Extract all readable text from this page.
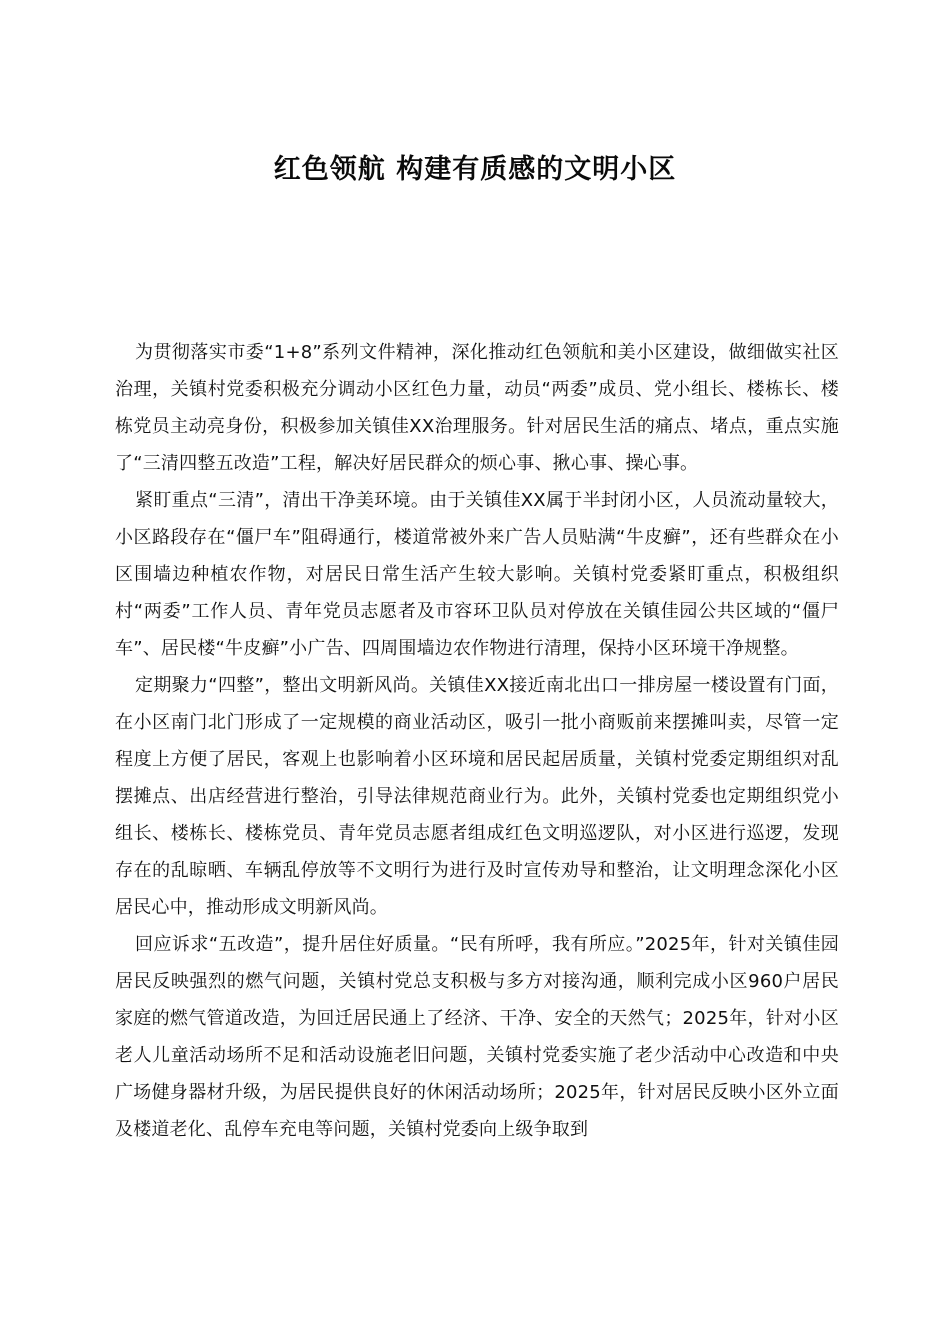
红色领航 构建有质感的文明小区

为贯彻落实市委“1+8”系列文件精神，深化推动红色领航和美小区建设，做细做实社区治理，关镇村党委积极充分调动小区红色力量，动员“两委”成员、党小组长、楼栋长、楼栋党员主动亮身份，积极参加关镇佳XX治理服务。针对居民生活的痛点、堵点，重点实施了“三清四整五改造”工程，解决好居民群众的烦心事、揪心事、操心事。

紧盯重点“三清”，清出干净美环境。由于关镇佳XX属于半封闭小区，人员流动量较大，小区路段存在“僵尸车”阻碍通行，楼道常被外来广告人员贴满“牛皮癣”，还有些群众在小区围墙边种植农作物，对居民日常生活产生较大影响。关镇村党委紧盯重点，积极组织村“两委”工作人员、青年党员志愿者及市容环卫队员对停放在关镇佳园公共区域的“僵尸车”、居民楼“牛皮癣”小广告、四周围墙边农作物进行清理，保持小区环境干净规整。

定期聚力“四整”，整出文明新风尚。关镇佳XX接近南北出口一排房屋一楼设置有门面，在小区南门北门形成了一定规模的商业活动区，吸引一批小商贩前来摆摊叫卖，尽管一定程度上方便了居民，客观上也影响着小区环境和居民起居质量，关镇村党委定期组织对乱摆摊点、出店经营进行整治，引导法律规范商业行为。此外，关镇村党委也定期组织党小组长、楼栋长、楼栋党员、青年党员志愿者组成红色文明巡逻队，对小区进行巡逻，发现存在的乱晾晒、车辆乱停放等不文明行为进行及时宣传劝导和整治，让文明理念深化小区居民心中，推动形成文明新风尚。

回应诉求“五改造”，提升居住好质量。“民有所呼，我有所应。”2025年，针对关镇佳园居民反映强烈的燃气问题，关镇村党总支积极与多方对接沟通，顺利完成小区960户居民家庭的燃气管道改造，为回迁居民通上了经济、干净、安全的天然气；2025年，针对小区老人儿童活动场所不足和活动设施老旧问题，关镇村党委实施了老少活动中心改造和中央广场健身器材升级，为居民提供良好的休闲活动场所；2025年，针对居民反映小区外立面及楼道老化、乱停车充电等问题，关镇村党委向上级争取到
